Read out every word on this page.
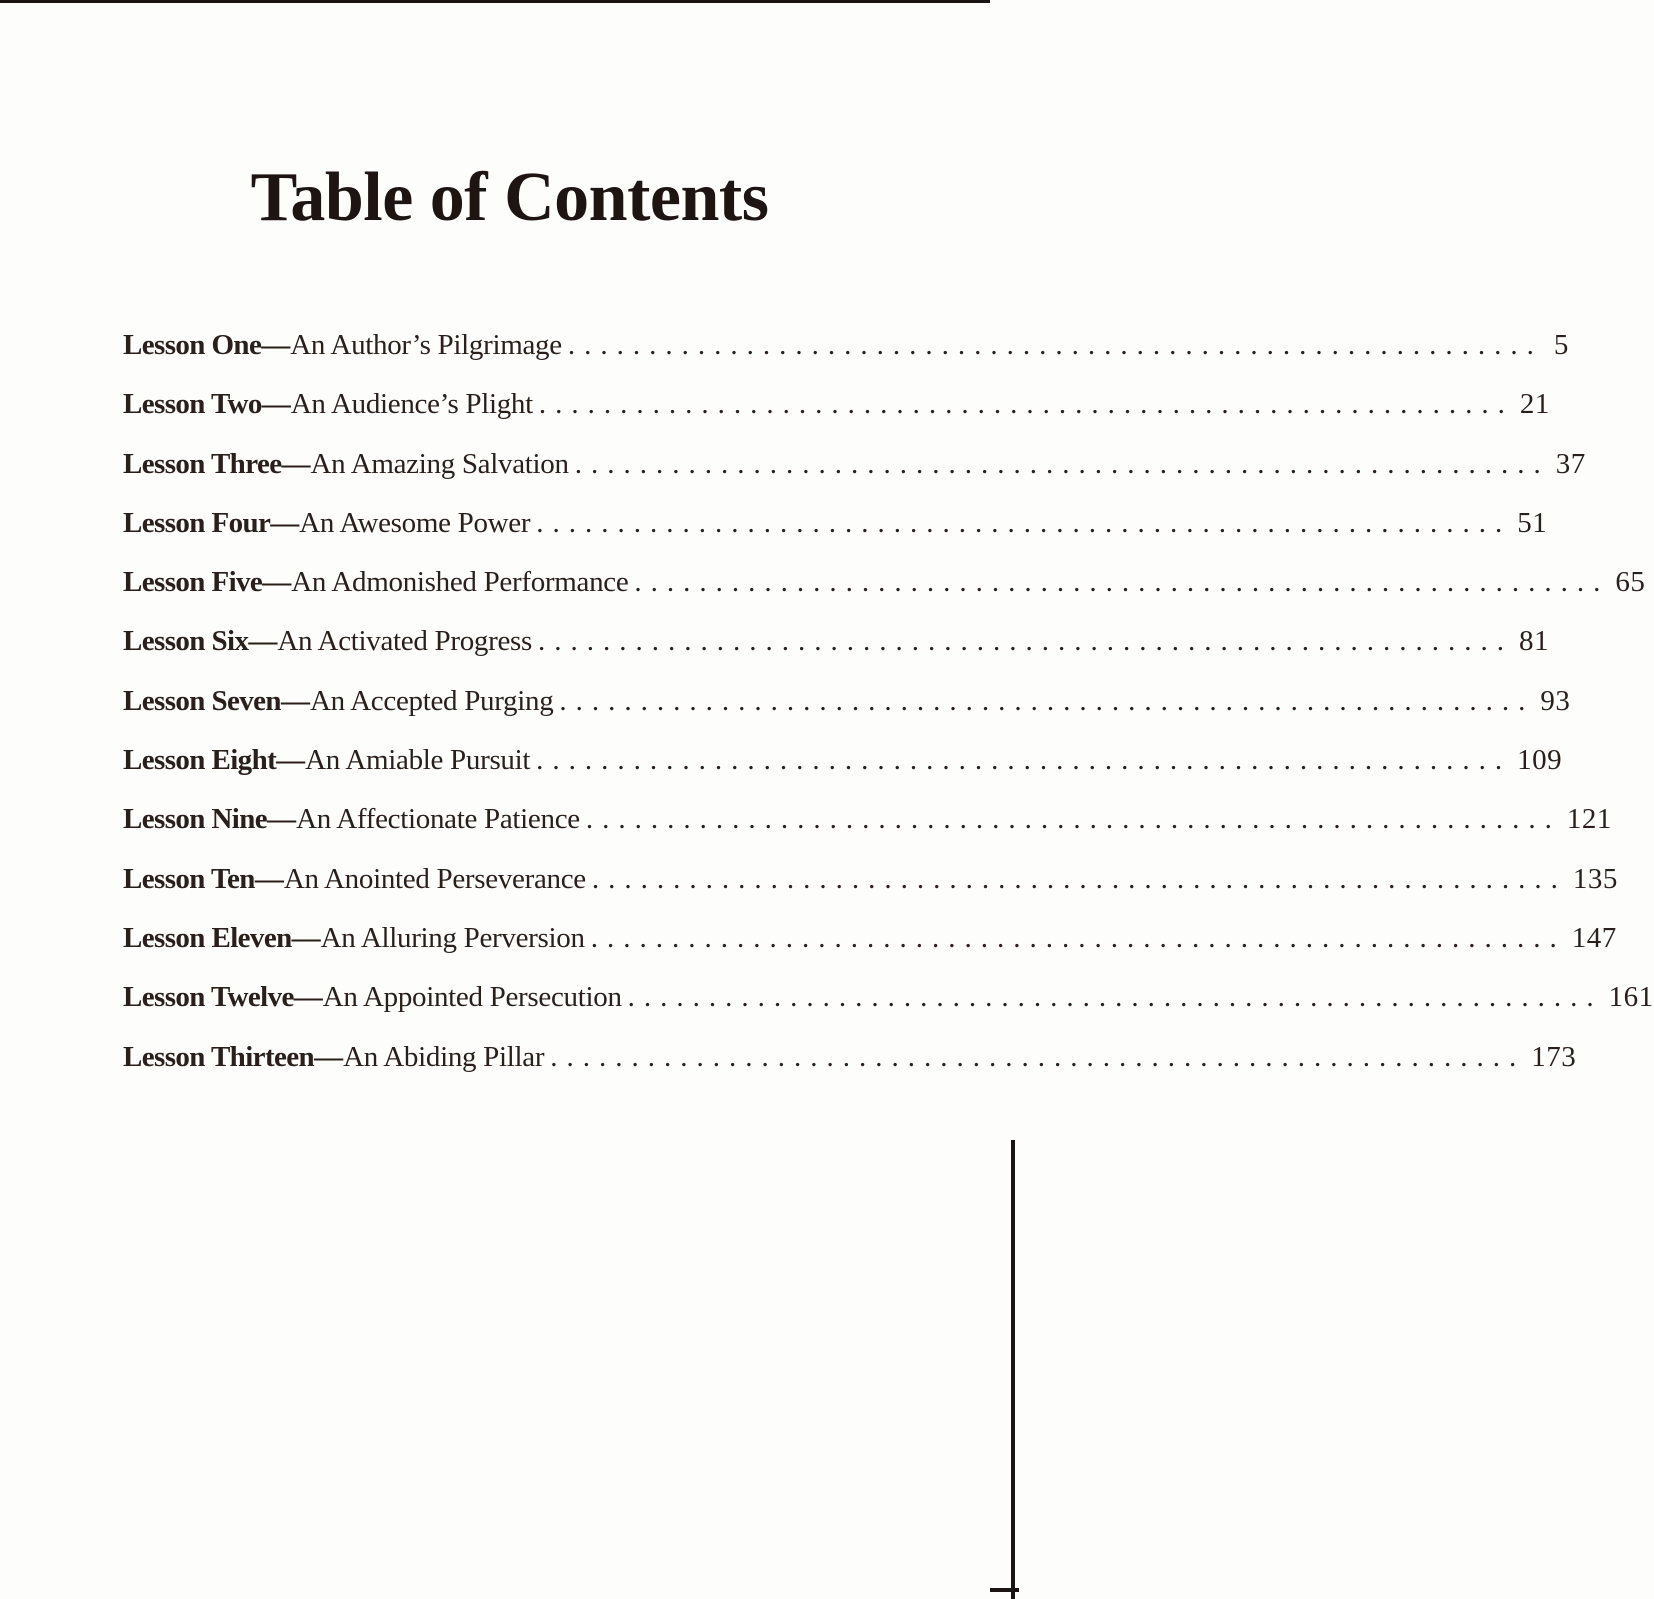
Table of Contents
Lesson One — An Author’s Pilgrimage ............................................................ 5
Lesson Two — An Audience’s Plight ............................................................ 21
Lesson Three — An Amazing Salvation ............................................................ 37
Lesson Four — An Awesome Power ............................................................ 51
Lesson Five — An Admonished Performance ............................................................ 65
Lesson Six — An Activated Progress ............................................................ 81
Lesson Seven — An Accepted Purging ............................................................ 93
Lesson Eight — An Amiable Pursuit ............................................................ 109
Lesson Nine — An Affectionate Patience ............................................................ 121
Lesson Ten — An Anointed Perseverance ............................................................ 135
Lesson Eleven — An Alluring Perversion ............................................................ 147
Lesson Twelve — An Appointed Persecution ............................................................ 161
Lesson Thirteen — An Abiding Pillar ............................................................ 173
